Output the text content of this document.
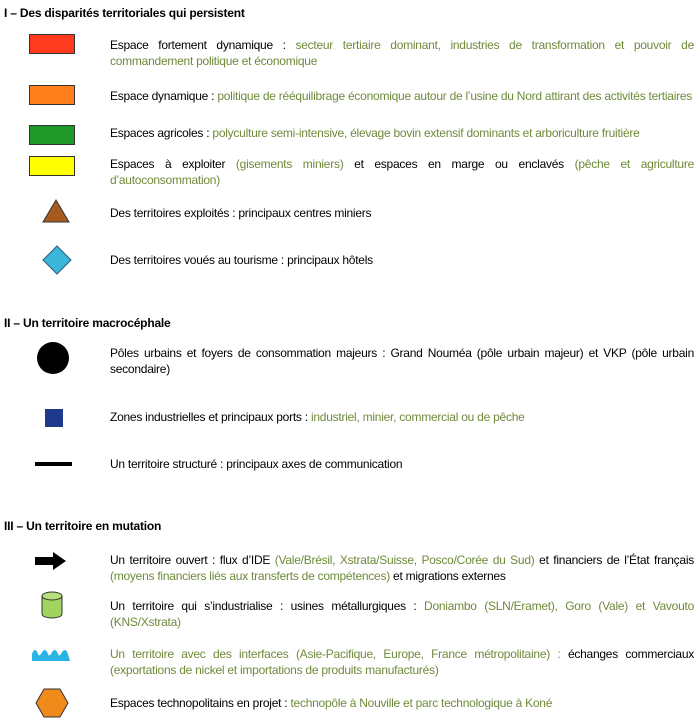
I – Des disparités territoriales qui persistent
Espace fortement dynamique : secteur tertiaire dominant, industries de transformation et pouvoir de commandement politique et économique
Espace dynamique : politique de rééquilibrage économique autour de l’usine du Nord attirant des activités tertiaires
Espaces agricoles : polyculture semi-intensive, élevage bovin extensif dominants et arboriculture fruitière
Espaces à exploiter (gisements miniers) et espaces en marge ou enclavés (pêche et agriculture d’autoconsommation)
Des territoires exploités : principaux centres miniers
Des territoires voués au tourisme : principaux hôtels
II – Un territoire macrocéphale
Pôles urbains et foyers de consommation majeurs : Grand Nouméa (pôle urbain majeur) et VKP (pôle urbain secondaire)
Zones industrielles et principaux ports : industriel, minier, commercial ou de pêche
Un territoire structuré : principaux axes de communication
III – Un territoire en mutation
Un territoire ouvert : flux d’IDE (Vale/Brésil, Xstrata/Suisse, Posco/Corée du Sud) et financiers de l’État français (moyens financiers liés aux transferts de compétences) et migrations externes
Un territoire qui s’industrialise : usines métallurgiques : Doniambo (SLN/Eramet), Goro (Vale) et Vavouto (KNS/Xstrata)
Un territoire avec des interfaces (Asie-Pacifique, Europe, France métropolitaine) : échanges commerciaux (exportations de nickel et importations de produits manufacturés)
Espaces technopolitains en projet : technopôle à Nouville et parc technologique à Koné
